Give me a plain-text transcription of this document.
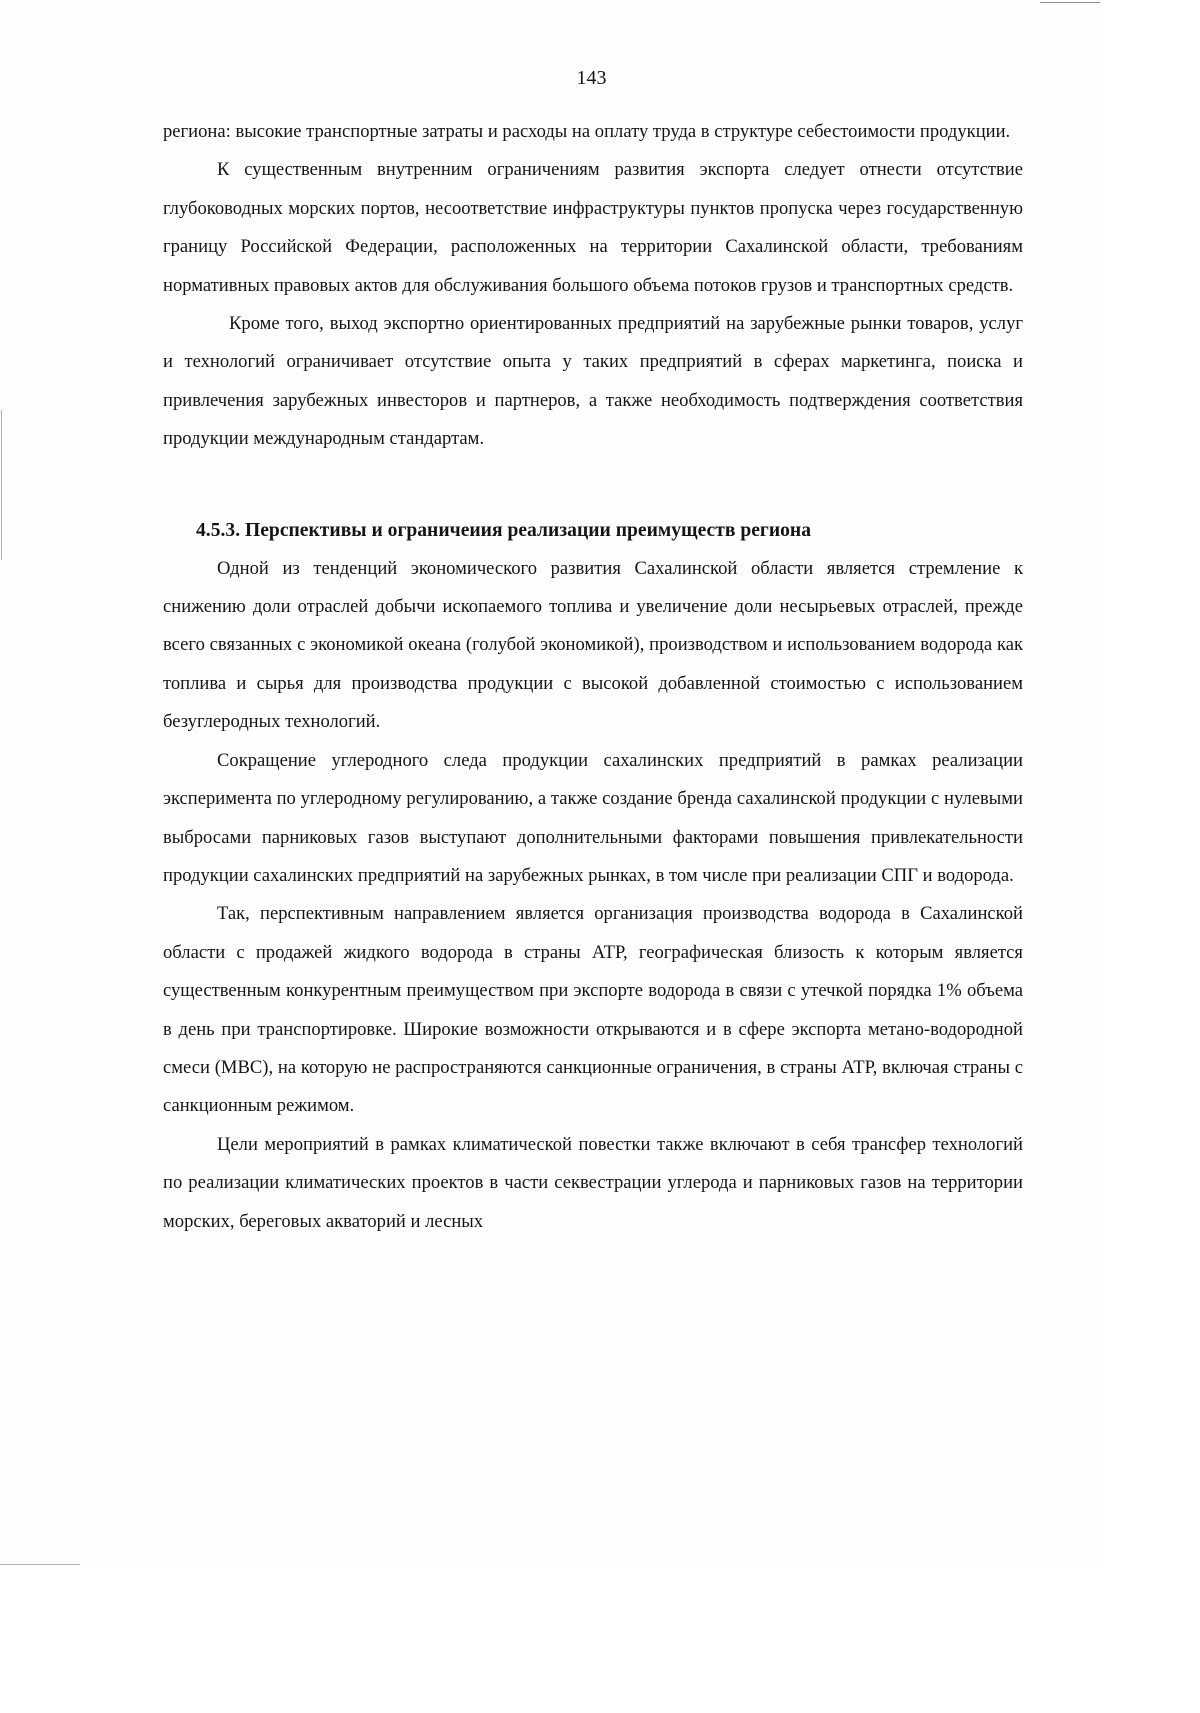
143

региона: высокие транспортные затраты и расходы на оплату труда в структуре себестоимости продукции.

К существенным внутренним ограничениям развития экспорта следует отнести отсутствие глубоководных морских портов, несоответствие инфраструктуры пунктов пропуска через государственную границу Российской Федерации, расположенных на территории Сахалинской области, требованиям нормативных правовых актов для обслуживания большого объема потоков грузов и транспортных средств.

Кроме того, выход экспортно ориентированных предприятий на зарубежные рынки товаров, услуг и технологий ограничивает отсутствие опыта у таких предприятий в сферах маркетинга, поиска и привлечения зарубежных инвесторов и партнеров, а также необходимость подтверждения соответствия продукции международным стандартам.

4.5.3. Перспективы и ограничеиия реализации преимуществ региона

Одной из тенденций экономического развития Сахалинской области является стремление к снижению доли отраслей добычи ископаемого топлива и увеличение доли несырьевых отраслей, прежде всего связанных с экономикой океана (голубой экономикой), производством и использованием водорода как топлива и сырья для производства продукции с высокой добавленной стоимостью с использованием безуглеродных технологий.

Сокращение углеродного следа продукции сахалинских предприятий в рамках реализации эксперимента по углеродному регулированию, а также создание бренда сахалинской продукции с нулевыми выбросами парниковых газов выступают дополнительными факторами повышения привлекательности продукции сахалинских предприятий на зарубежных рынках, в том числе при реализации СПГ и водорода.

Так, перспективным направлением является организация производства водорода в Сахалинской области с продажей жидкого водорода в страны АТР, географическая близость к которым является существенным конкурентным преимуществом при экспорте водорода в связи с утечкой порядка 1% объема в день при транспортировке. Широкие возможности открываются и в сфере экспорта метано-водородной смеси (МВС), на которую не распространяются санкционные ограничения, в страны АТР, включая страны с санкционным режимом.

Цели мероприятий в рамках климатической повестки также включают в себя трансфер технологий по реализации климатических проектов в части секвестрации углерода и парниковых газов на территории морских, береговых акваторий и лесных
